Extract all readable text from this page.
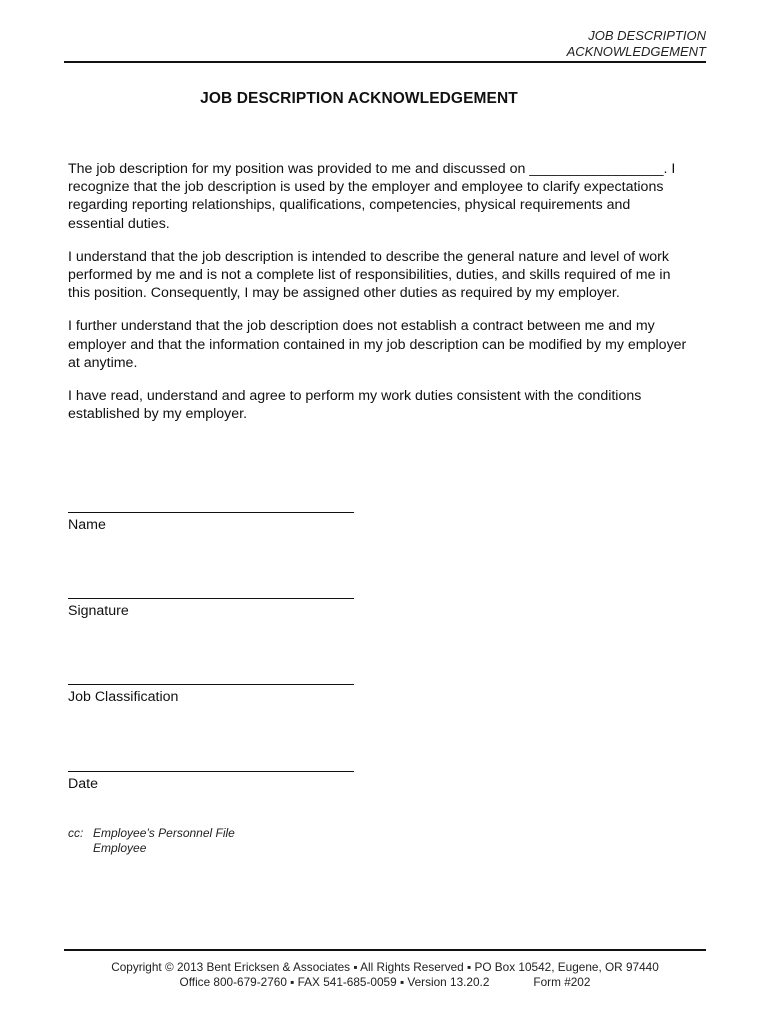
JOB DESCRIPTION
ACKNOWLEDGEMENT
JOB DESCRIPTION ACKNOWLEDGEMENT

The job description for my position was provided to me and discussed on _________________. I recognize that the job description is used by the employer and employee to clarify expectations regarding reporting relationships, qualifications, competencies, physical requirements and essential duties.

I understand that the job description is intended to describe the general nature and level of work performed by me and is not a complete list of responsibilities, duties, and skills required of me in this position. Consequently, I may be assigned other duties as required by my employer.

I further understand that the job description does not establish a contract between me and my employer and that the information contained in my job description can be modified by my employer at anytime.

I have read, understand and agree to perform my work duties consistent with the conditions established by my employer.

Name
Signature
Job Classification
Date
cc: Employee’s Personnel File
Employee
Copyright © 2013 Bent Ericksen & Associates ▪ All Rights Reserved ▪ PO Box 10542, Eugene, OR 97440
Office 800-679-2760 ▪ FAX 541-685-0059 ▪ Version 13.20.2	Form #202
